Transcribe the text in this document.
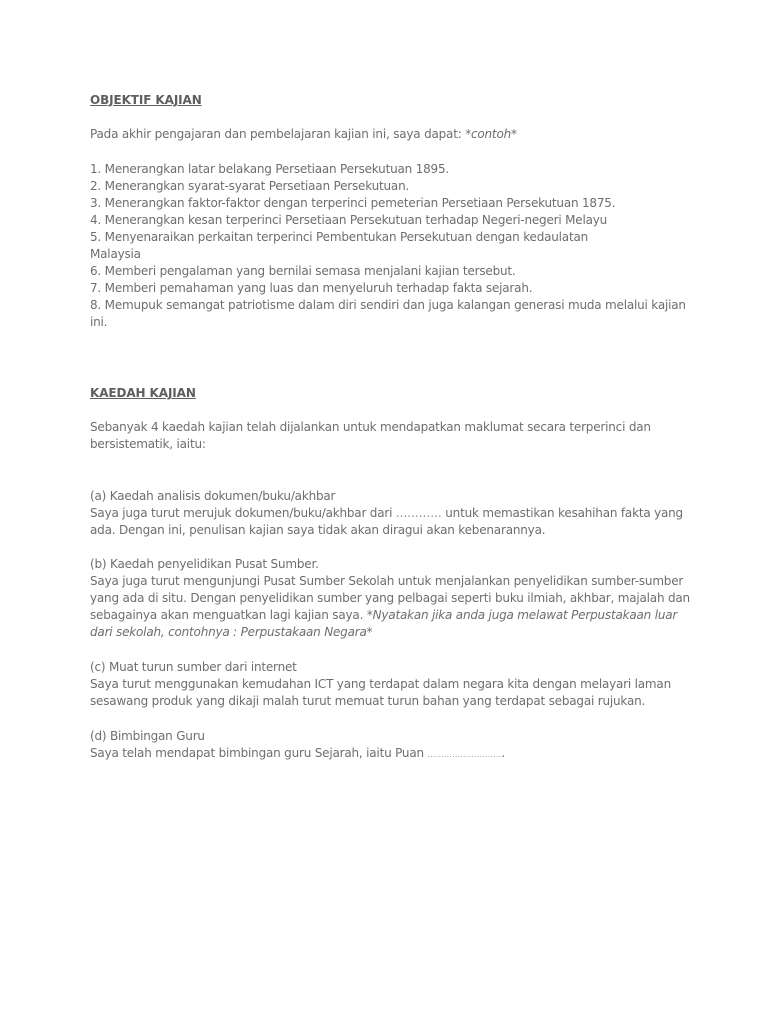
OBJEKTIF KAJIAN
Pada akhir pengajaran dan pembelajaran kajian ini, saya dapat: *contoh*
1. Menerangkan latar belakang Persetiaan Persekutuan 1895.
2. Menerangkan syarat-syarat Persetiaan Persekutuan.
3. Menerangkan faktor-faktor dengan terperinci pemeterian Persetiaan Persekutuan 1875.
4. Menerangkan kesan terperinci Persetiaan Persekutuan terhadap Negeri-negeri Melayu
5. Menyenaraikan perkaitan terperinci Pembentukan Persekutuan dengan kedaulatan
Malaysia
6. Memberi pengalaman yang bernilai semasa menjalani kajian tersebut.
7. Memberi pemahaman yang luas dan menyeluruh terhadap fakta sejarah.
8. Memupuk semangat patriotisme dalam diri sendiri dan juga kalangan generasi muda melalui kajian
ini.
KAEDAH KAJIAN
Sebanyak 4 kaedah kajian telah dijalankan untuk mendapatkan maklumat secara terperinci dan
bersistematik, iaitu:
(a) Kaedah analisis dokumen/buku/akhbar
Saya juga turut merujuk dokumen/buku/akhbar dari ............ untuk memastikan kesahihan fakta yang
ada. Dengan ini, penulisan kajian saya tidak akan diragui akan kebenarannya.
(b) Kaedah penyelidikan Pusat Sumber.
Saya juga turut mengunjungi Pusat Sumber Sekolah untuk menjalankan penyelidikan sumber-sumber
yang ada di situ. Dengan penyelidikan sumber yang pelbagai seperti buku ilmiah, akhbar, majalah dan
sebagainya akan menguatkan lagi kajian saya. *Nyatakan jika anda juga melawat Perpustakaan luar
dari sekolah, contohnya : Perpustakaan Negara*
(c) Muat turun sumber dari internet
Saya turut menggunakan kemudahan ICT yang terdapat dalam negara kita dengan melayari laman
sesawang produk yang dikaji malah turut memuat turun bahan yang terdapat sebagai rujukan.
(d) Bimbingan Guru
Saya telah mendapat bimbingan guru Sejarah, iaitu Puan ……………………….
